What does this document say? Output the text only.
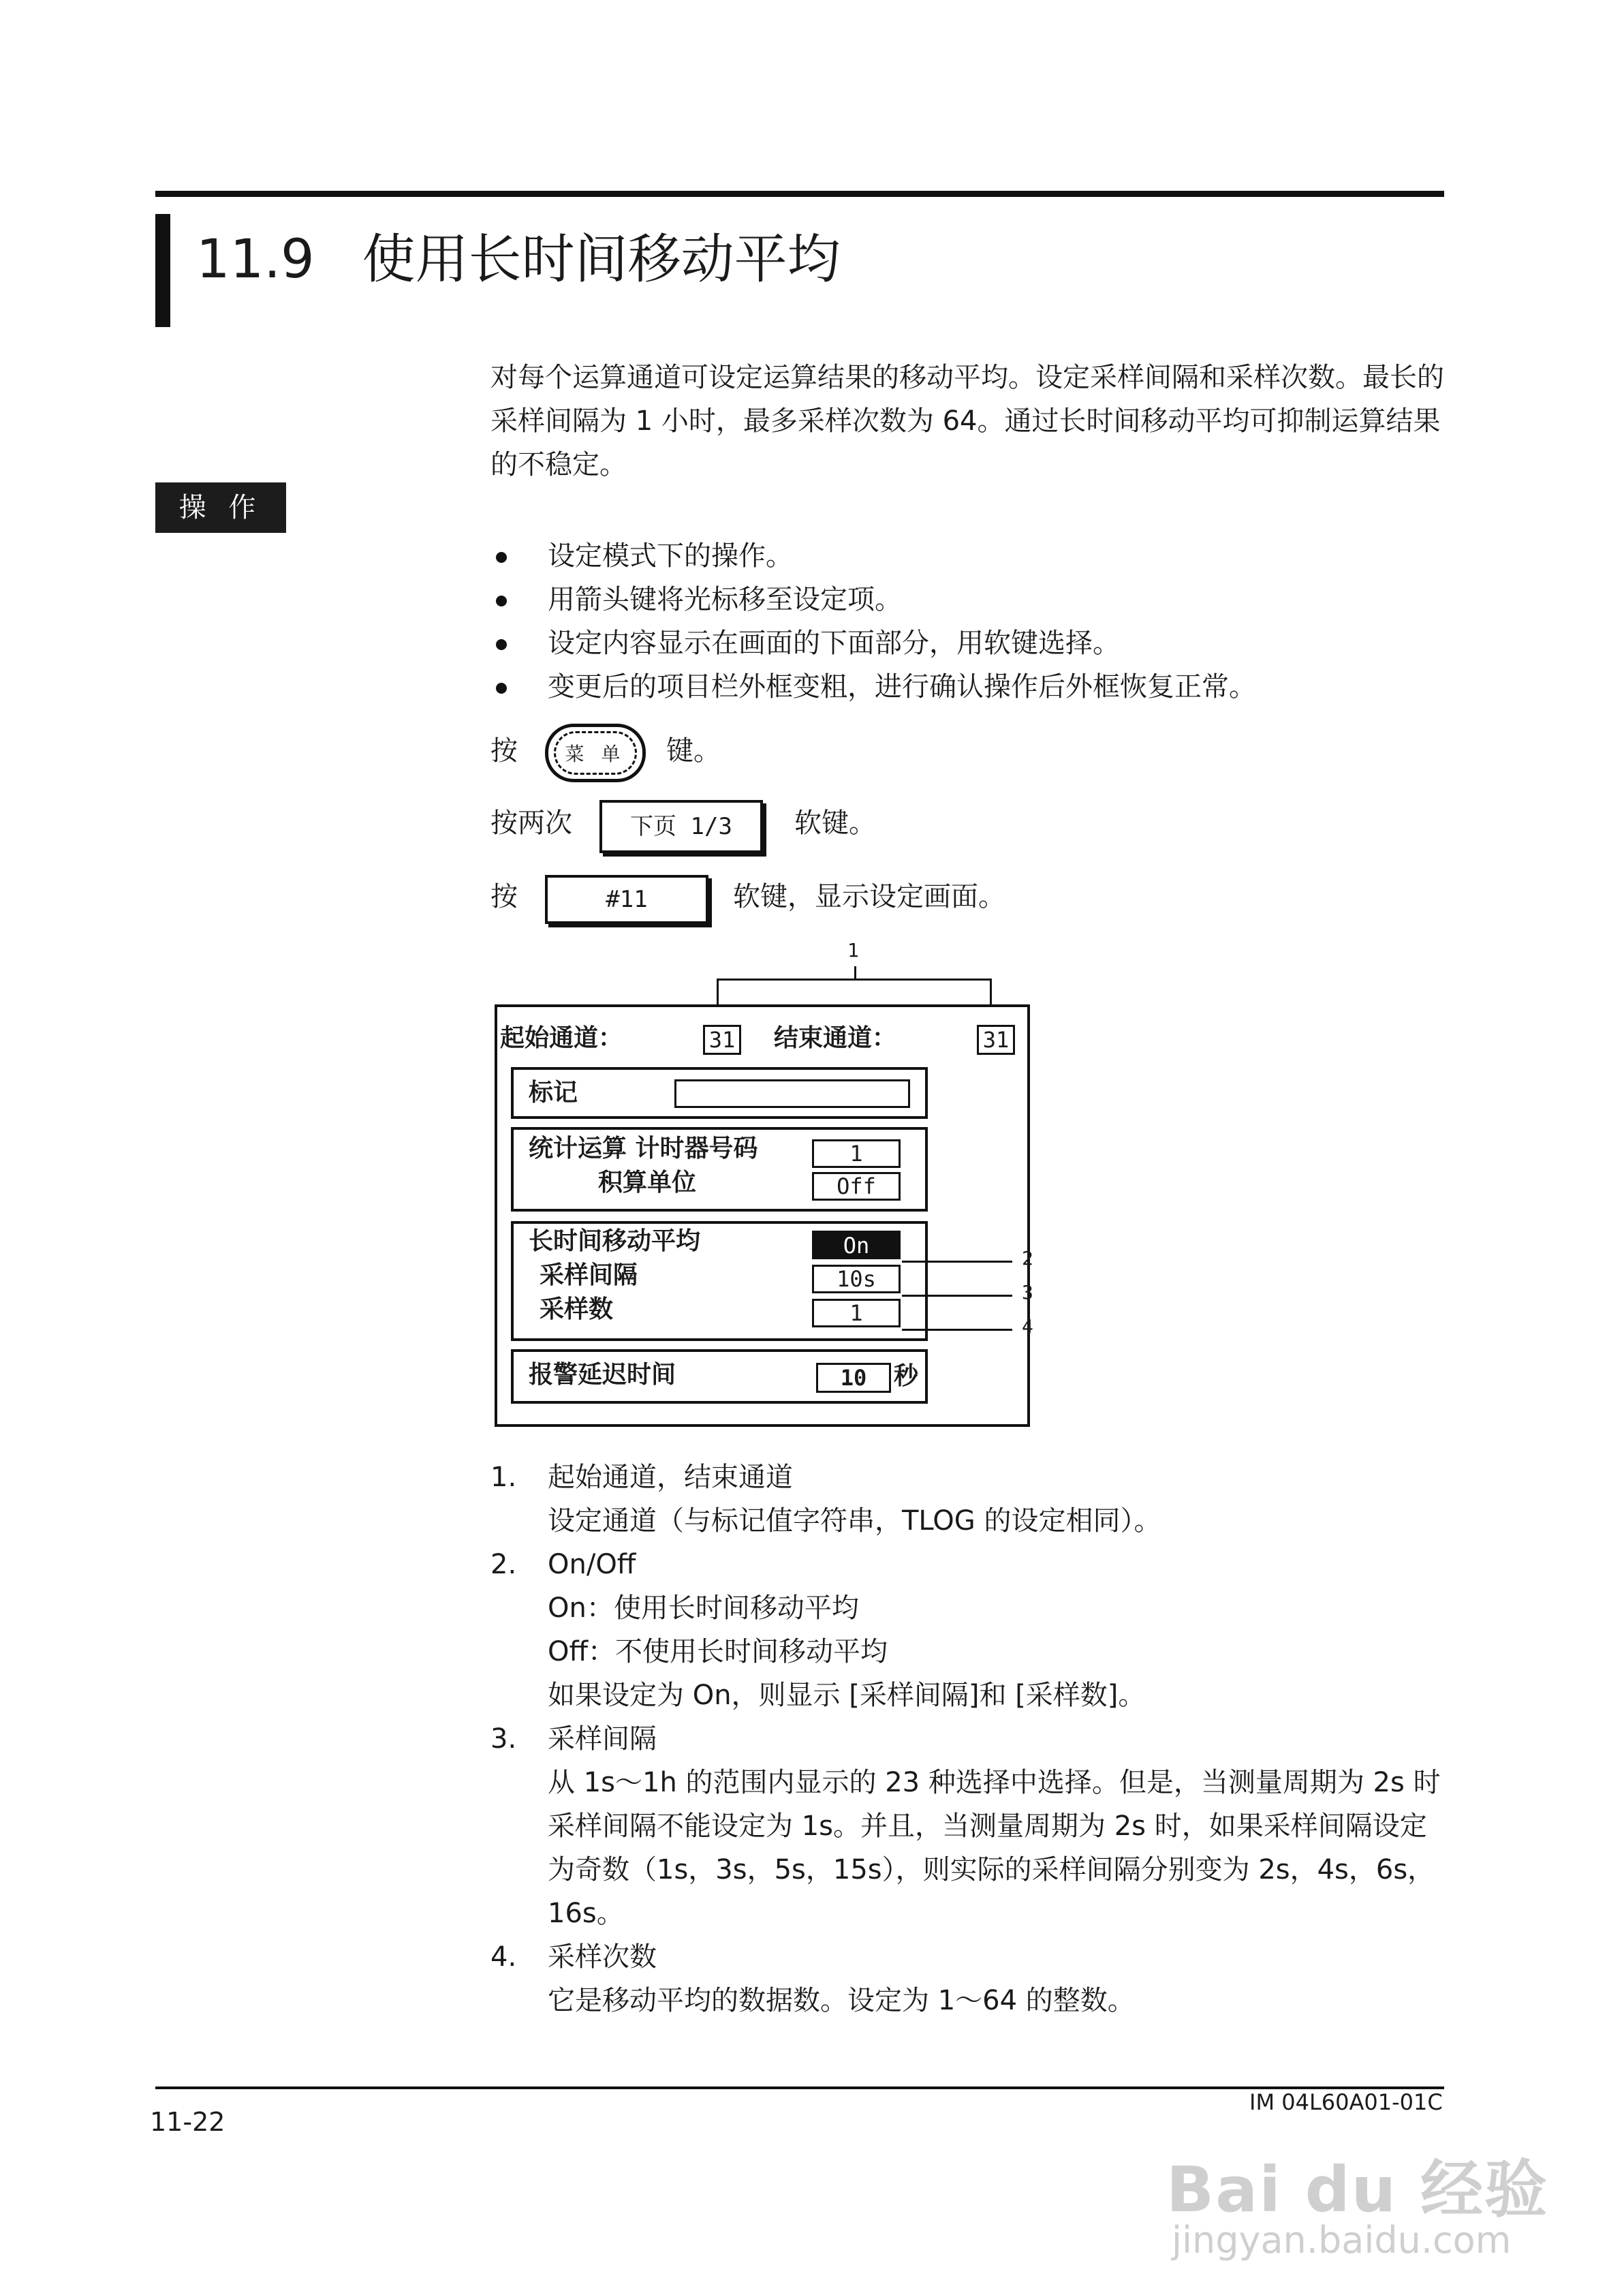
11.9 使用长时间移动平均
对每个运算通道可设定运算结果的移动平均。设定采样间隔和采样次数。最长的采样间隔为 1 小时，最多采样次数为 64。通过长时间移动平均可抑制运算结果的不稳定。
操 作
设定模式下的操作。
用箭头键将光标移至设定项。
设定内容显示在画面的下面部分，用软键选择。
变更后的项目栏外框变粗，进行确认操作后外框恢复正常。
按	菜 单	键。
按两次	下页 1/3	软键。
按	#11	软键，显示设定画面。
1
起始通道：	31 结束通道：	31
标记
统计运算 计时器号码	1
积算单位	Off
长时间移动平均	On
采样间隔	10s
采样数	1
报警延迟时间	10	秒
2
3
4
1. 起始通道，结束通道
设定通道（与标记值字符串，TLOG 的设定相同）。
2. On/Off
On：使用长时间移动平均
Off：不使用长时间移动平均
如果设定为 On，则显示 [采样间隔]和 [采样数]。
3. 采样间隔
从 1s～1h 的范围内显示的 23 种选择中选择。但是，当测量周期为 2s 时采样间隔不能设定为 1s。并且，当测量周期为 2s 时，如果采样间隔设定为奇数（1s，3s，5s，15s），则实际的采样间隔分别变为 2s，4s，6s，16s。
4. 采样次数
它是移动平均的数据数。设定为 1～64 的整数。
11-22
IM 04L60A01-01C
Bai du 经验
jingyan.baidu.com
